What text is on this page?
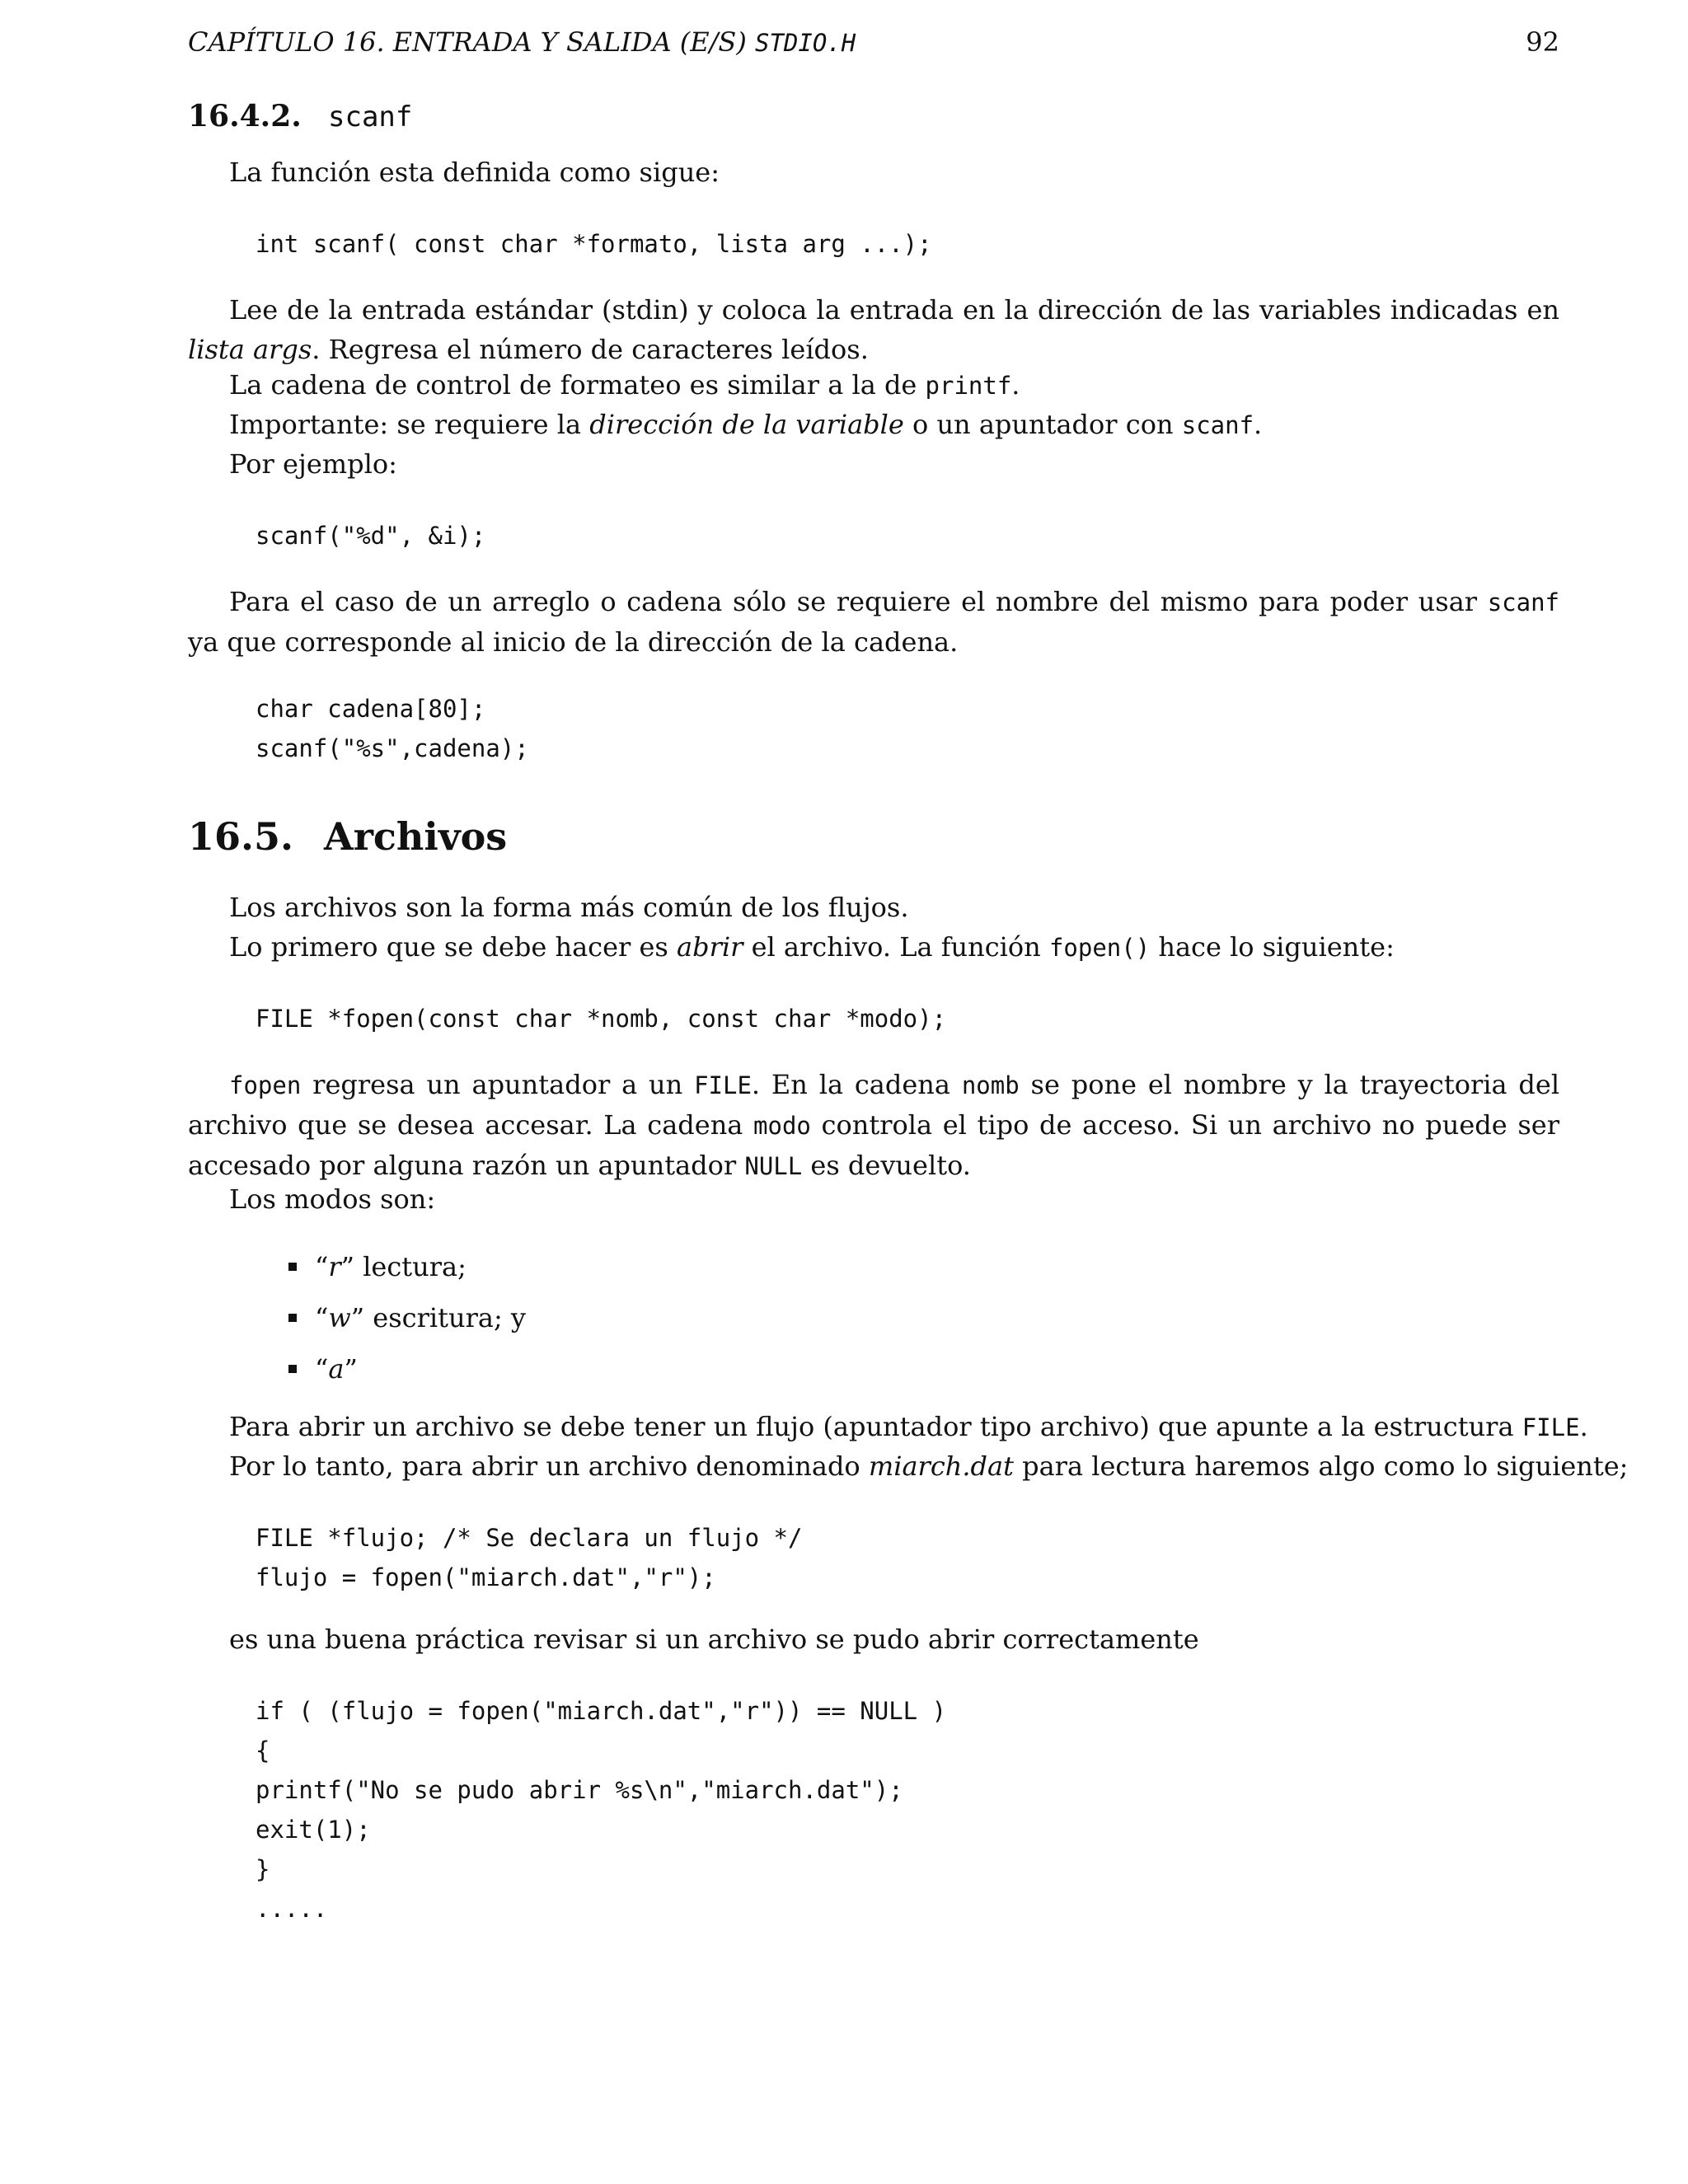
CAPÍTULO 16. ENTRADA Y SALIDA (E/S) STDIO.H	92
16.4.2. scanf
La función esta definida como sigue:
int scanf( const char *formato, lista arg ...);
Lee de la entrada estándar (stdin) y coloca la entrada en la dirección de las variables indicadas en lista args. Regresa el número de caracteres leídos.
La cadena de control de formateo es similar a la de printf.
Importante: se requiere la dirección de la variable o un apuntador con scanf.
Por ejemplo:
scanf("%d", &i);
Para el caso de un arreglo o cadena sólo se requiere el nombre del mismo para poder usar scanf ya que corresponde al inicio de la dirección de la cadena.
char cadena[80];
scanf("%s",cadena);
16.5. Archivos
Los archivos son la forma más común de los flujos.
Lo primero que se debe hacer es abrir el archivo. La función fopen() hace lo siguiente:
FILE *fopen(const char *nomb, const char *modo);
fopen regresa un apuntador a un FILE. En la cadena nomb se pone el nombre y la trayectoria del archivo que se desea accesar. La cadena modo controla el tipo de acceso. Si un archivo no puede ser accesado por alguna razón un apuntador NULL es devuelto.
Los modos son:
“r” lectura;
“w” escritura; y
“a”
Para abrir un archivo se debe tener un flujo (apuntador tipo archivo) que apunte a la estructura FILE.
Por lo tanto, para abrir un archivo denominado miarch.dat para lectura haremos algo como lo siguiente;
FILE *flujo; /* Se declara un flujo */
flujo = fopen("miarch.dat","r");
es una buena práctica revisar si un archivo se pudo abrir correctamente
if ( (flujo = fopen("miarch.dat","r")) == NULL )
{
printf("No se pudo abrir %s\n","miarch.dat");
exit(1);
}
.....
